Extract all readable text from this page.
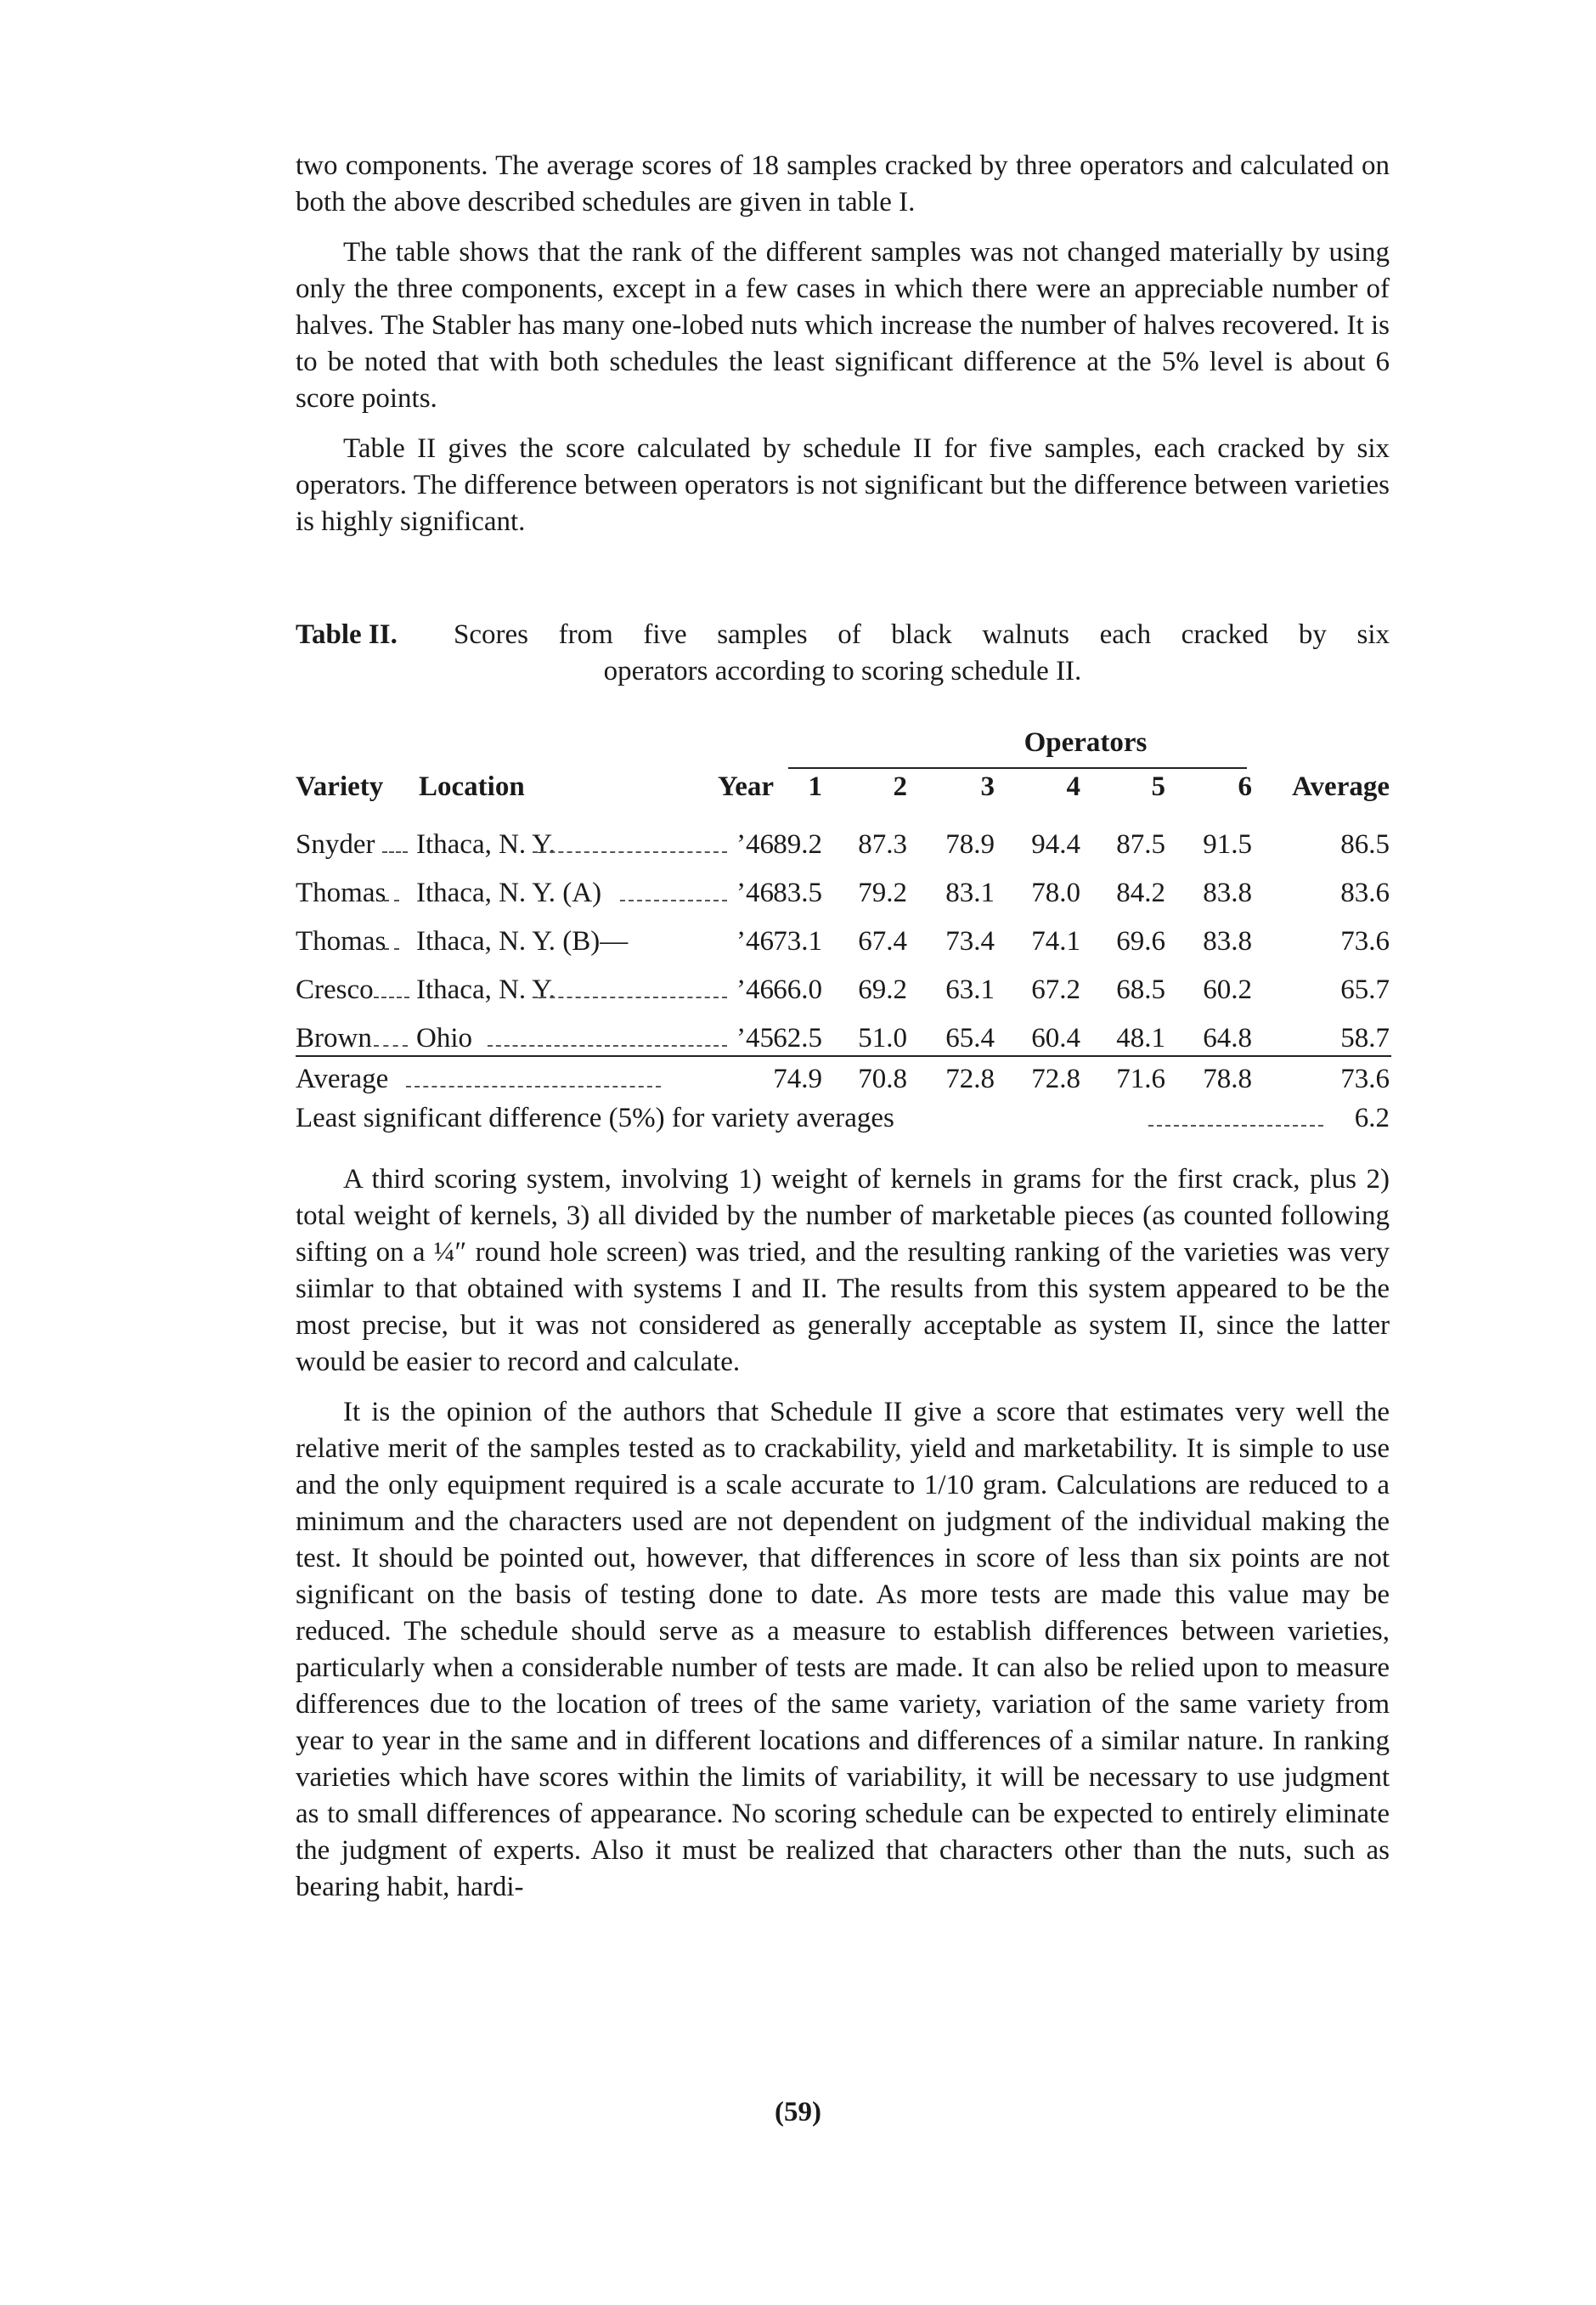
two components. The average scores of 18 samples cracked by three operators and calculated on both the above described schedules are given in table I.

The table shows that the rank of the different samples was not changed materially by using only the three components, except in a few cases in which there were an appreciable number of halves. The Stabler has many one-lobed nuts which increase the number of halves recovered. It is to be noted that with both schedules the least significant difference at the 5% level is about 6 score points.

Table II gives the score calculated by schedule II for five samples, each cracked by six operators. The difference between operators is not significant but the difference between varieties is highly significant.

Table II. Scores from five samples of black walnuts each cracked by six
operators according to scoring schedule II.
Operators
Variety Location	Year 1	2	3	4	5	6 Average
Snyder Ithaca, N. Y.	’46 89.2 87.3 78.9 94.4 87.5 91.5	86.5
Thomas Ithaca, N. Y. (A)	’46 83.5 79.2 83.1 78.0 84.2 83.8	83.6
Thomas Ithaca, N. Y. (B)—	’46 73.1 67.4 73.4 74.1 69.6 83.8	73.6
Cresco Ithaca, N. Y.	’46 66.0 69.2 63.1 67.2 68.5 60.2	65.7
Brown Ohio	’45 62.5 51.0 65.4 60.4 48.1 64.8	58.7
Average	74.9 70.8 72.8 72.8 71.6 78.8	73.6
Least significant difference (5%) for variety averages	6.2

A third scoring system, involving 1) weight of kernels in grams for the first crack, plus 2) total weight of kernels, 3) all divided by the number of marketable pieces (as counted following sifting on a ¼″ round hole screen) was tried, and the resulting ranking of the varieties was very siimlar to that obtained with systems I and II. The results from this system appeared to be the most precise, but it was not considered as generally acceptable as system II, since the latter would be easier to record and calculate.

It is the opinion of the authors that Schedule II give a score that estimates very well the relative merit of the samples tested as to crackability, yield and marketability. It is simple to use and the only equipment required is a scale accurate to 1/10 gram. Calculations are reduced to a minimum and the characters used are not dependent on judgment of the individual making the test. It should be pointed out, however, that differences in score of less than six points are not significant on the basis of testing done to date. As more tests are made this value may be reduced. The schedule should serve as a measure to establish differences between varieties, particularly when a considerable number of tests are made. It can also be relied upon to measure differences due to the location of trees of the same variety, variation of the same variety from year to year in the same and in different locations and differences of a similar nature. In ranking varieties which have scores within the limits of variability, it will be necessary to use judgment as to small differences of appearance. No scoring schedule can be expected to entirely eliminate the judgment of experts. Also it must be realized that characters other than the nuts, such as bearing habit, hardi-

(59)
